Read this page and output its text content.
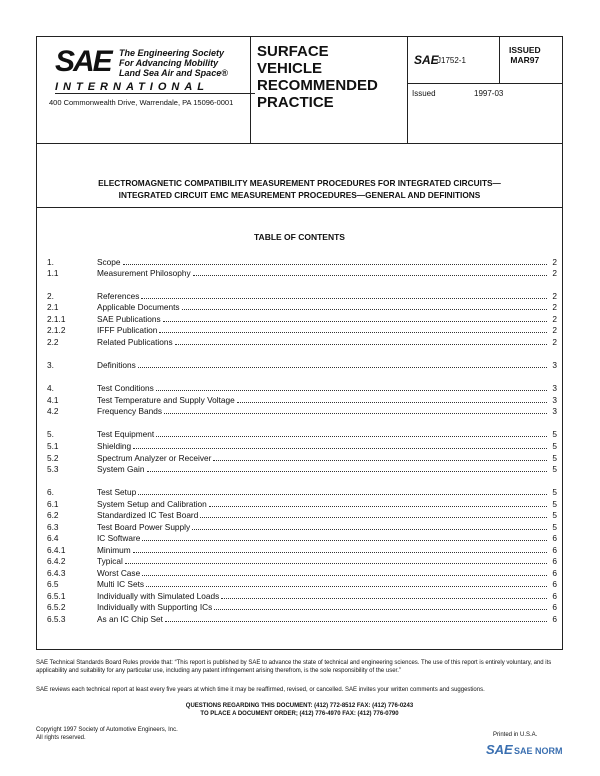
SAE The Engineering Society
For Advancing Mobility
Land Sea Air and Space®
INTERNATIONAL
400 Commonwealth Drive, Warrendale, PA 15096-0001
SURFACE
VEHICLE
RECOMMENDED
PRACTICE
SAE
J1752-1
ISSUED
MAR97
Issued	1997-03
ELECTROMAGNETIC COMPATIBILITY MEASUREMENT PROCEDURES FOR INTEGRATED CIRCUITS—
INTEGRATED CIRCUIT EMC MEASUREMENT PROCEDURES—GENERAL AND DEFINITIONS
TABLE OF CONTENTS
1.	Scope	2
1.1	Measurement Philosophy	2
2.	References	2
2.1	Applicable Documents	2
2.1.1	SAE Publications	2
2.1.2	IFFF Publication	2
2.2	Related Publications	2
3.	Definitions	3
4.	Test Conditions	3
4.1	Test Temperature and Supply Voltage	3
4.2	Frequency Bands	3
5.	Test Equipment	5
5.1	Shielding	5
5.2	Spectrum Analyzer or Receiver	5
5.3	System Gain	5
6.	Test Setup	5
6.1	System Setup and Calibration	5
6.2	Standardized IC Test Board	5
6.3	Test Board Power Supply	5
6.4	IC Software	6
6.4.1	Minimum	6
6.4.2	Typical	6
6.4.3	Worst Case	6
6.5	Multi IC Sets	6
6.5.1	Individually with Simulated Loads	6
6.5.2	Individually with Supporting ICs	6
6.5.3	As an IC Chip Set	6
SAE Technical Standards Board Rules provide that: “This report is published by SAE to advance the state of technical and engineering sciences. The use of this report is entirely voluntary, and its applicability and suitability for any particular use, including any patent infringement arising therefrom, is the sole responsibility of the user.”
SAE reviews each technical report at least every five years at which time it may be reaffirmed, revised, or cancelled. SAE invites your written comments and suggestions.
QUESTIONS REGARDING THIS DOCUMENT: (412) 772-8512 FAX: (412) 776-0243
TO PLACE A DOCUMENT ORDER; (412) 776-4970 FAX: (412) 776-0790
Copyright 1997 Society of Automotive Engineers, Inc.
All rights reserved.	Printed in U.S.A.
SAE SAE NORM
